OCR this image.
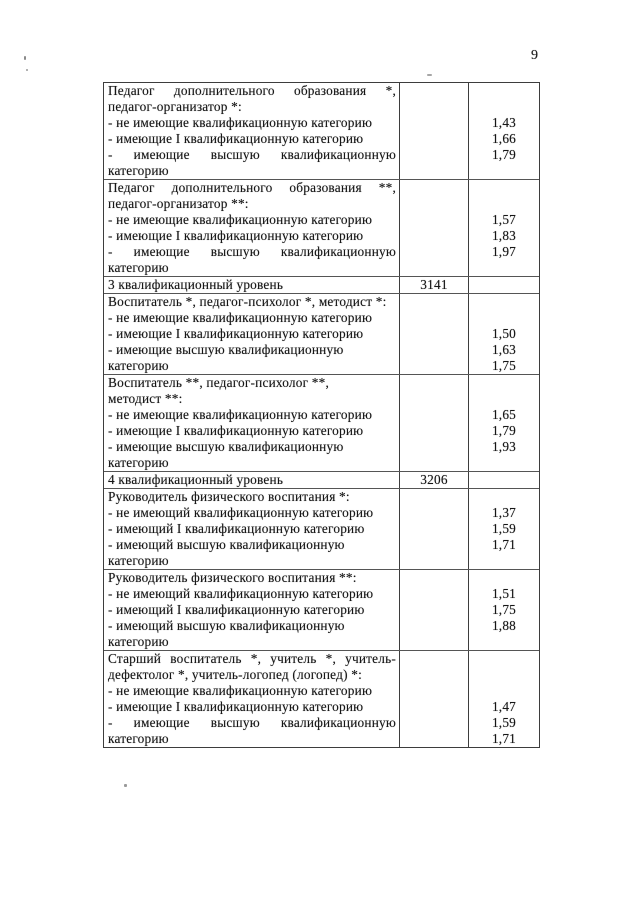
9
Педагог дополнительного образования *,
педагог-организатор *:
- не имеющие квалификационную категорию
- имеющие I квалификационную категорию
- имеющие высшую квалификационную
категорию

1,43
1,66
1,79

Педагог дополнительного образования **,
педагог-организатор **:
- не имеющие квалификационную категорию
- имеющие I квалификационную категорию
- имеющие высшую квалификационную
категорию

1,57
1,83
1,97

3 квалификационный уровень	3141

Воспитатель *, педагог-психолог *, методист *:
- не имеющие квалификационную категорию
- имеющие I квалификационную категорию
- имеющие высшую квалификационную
категорию

1,50
1,63
1,75
Воспитатель **, педагог-психолог **,
методист **:
- не имеющие квалификационную категорию
- имеющие I квалификационную категорию
- имеющие высшую квалификационную
категорию

1,65
1,79
1,93

4 квалификационный уровень	3206

Руководитель физического воспитания *:
- не имеющий квалификационную категорию
- имеющий I квалификационную категорию
- имеющий высшую квалификационную
категорию

1,37
1,59
1,71

Руководитель физического воспитания **:
- не имеющий квалификационную категорию
- имеющий I квалификационную категорию
- имеющий высшую квалификационную
категорию

1,51
1,75
1,88

Старший воспитатель *, учитель *, учитель-
дефектолог *, учитель-логопед (логопед) *:
- не имеющие квалификационную категорию
- имеющие I квалификационную категорию
- имеющие высшую квалификационную
категорию

1,47
1,59
1,71
